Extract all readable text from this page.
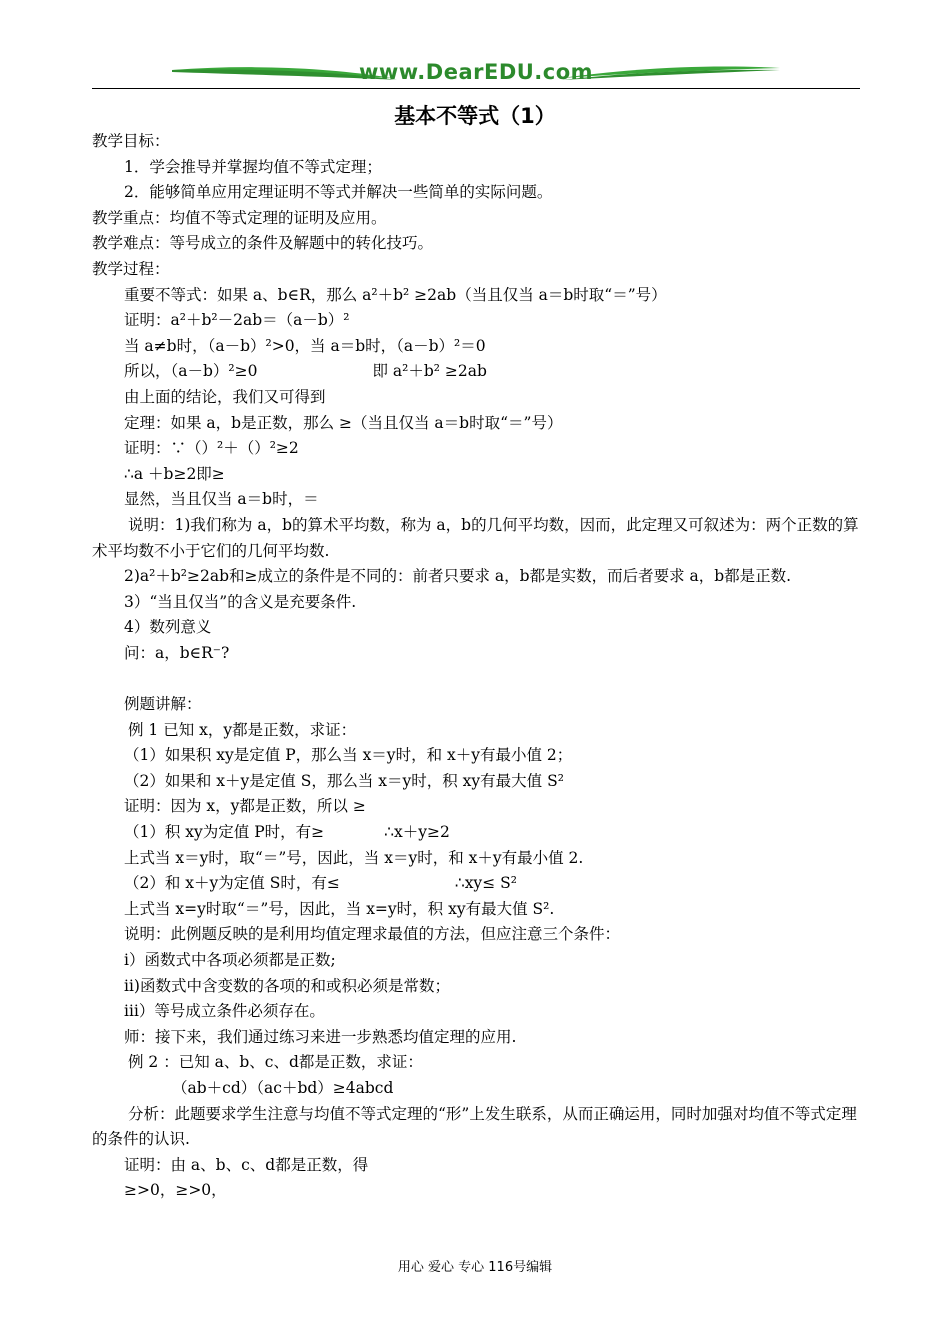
www.DearEDU.com
基本不等式（1）
教学目标：
1．学会推导并掌握均值不等式定理；
2．能够简单应用定理证明不等式并解决一些简单的实际问题。
教学重点：均值不等式定理的证明及应用。
教学难点：等号成立的条件及解题中的转化技巧。
教学过程：
重要不等式：如果 a、b∈R，那么 a²＋b² ≥2ab（当且仅当 a＝b时取“＝”号）
证明：a²＋b²－2ab＝（a－b）²
当 a≠b时，（a－b）²>0，当 a＝b时，（a－b）²＝0
所以，（a－b）²≥0	即 a²＋b² ≥2ab
由上面的结论，我们又可得到
定理：如果 a，b是正数，那么 ≥（当且仅当 a＝b时取“＝”号）
证明：∵（）²＋（）²≥2
∴a ＋b≥2即≥
显然，当且仅当 a＝b时，＝
说明：1)我们称为 a，b的算术平均数，称为 a，b的几何平均数，因而，此定理又可叙述为：两个正数的算术平均数不小于它们的几何平均数.
2)a²＋b²≥2ab和≥成立的条件是不同的：前者只要求 a，b都是实数，而后者要求 a，b都是正数.
3）“当且仅当”的含义是充要条件.
4）数列意义
问：a，b∈R⁻?
例题讲解：
例 1 已知 x，y都是正数，求证：
（1）如果积 xy是定值 P，那么当 x＝y时，和 x＋y有最小值 2；
（2）如果和 x＋y是定值 S，那么当 x＝y时，积 xy有最大值 S²
证明：因为 x，y都是正数，所以 ≥
（1）积 xy为定值 P时，有≥	∴x＋y≥2
上式当 x＝y时，取“＝”号，因此，当 x＝y时，和 x＋y有最小值 2.
（2）和 x＋y为定值 S时，有≤	∴xy≤ S²
上式当 x=y时取“＝”号，因此，当 x=y时，积 xy有最大值 S².
说明：此例题反映的是利用均值定理求最值的方法，但应注意三个条件：
ⅰ）函数式中各项必须都是正数;
ⅱ)函数式中含变数的各项的和或积必须是常数；
ⅲ）等号成立条件必须存在。
师：接下来，我们通过练习来进一步熟悉均值定理的应用.
例 2 ：已知 a、b、c、d都是正数，求证：
（ab＋cd）（ac＋bd）≥4abcd
分析：此题要求学生注意与均值不等式定理的“形”上发生联系，从而正确运用，同时加强对均值不等式定理的条件的认识.
证明：由 a、b、c、d都是正数，得
≥>0，≥>0，
用心 爱心 专心 116号编辑
